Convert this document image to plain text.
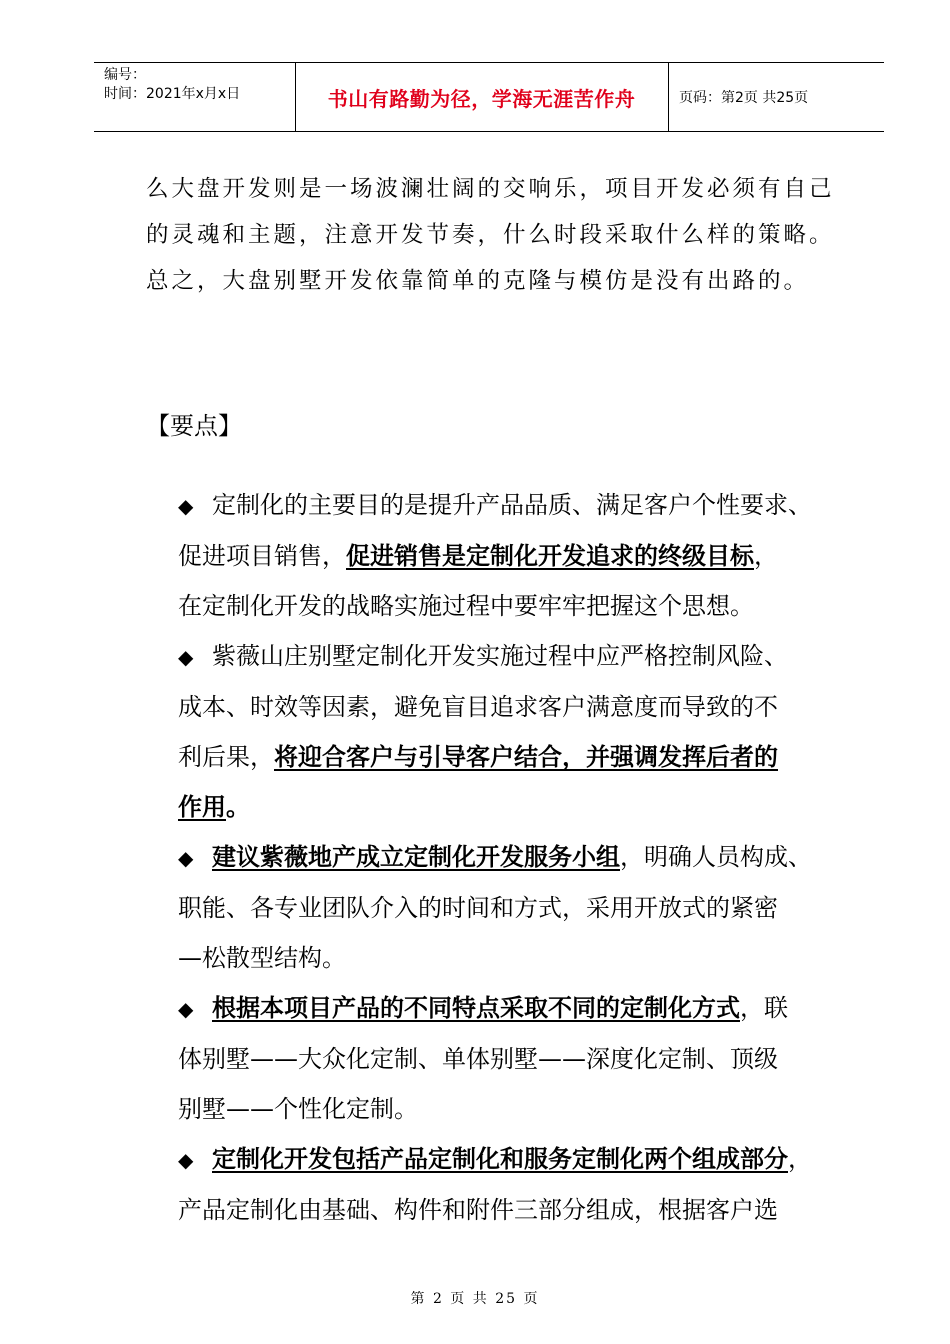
编号：
时间：2021年x月x日	书山有路勤为径，学海无涯苦作舟	页码：第2页 共25页
么大盘开发则是一场波澜壮阔的交响乐，项目开发必须有自己
的灵魂和主题，注意开发节奏，什么时段采取什么样的策略。
总之，大盘别墅开发依靠简单的克隆与模仿是没有出路的。
【要点】
◆ 定制化的主要目的是提升产品品质、满足客户个性要求、
促进项目销售，促进销售是定制化开发追求的终级目标，
在定制化开发的战略实施过程中要牢牢把握这个思想。
◆ 紫薇山庄别墅定制化开发实施过程中应严格控制风险、
成本、时效等因素，避免盲目追求客户满意度而导致的不
利后果，将迎合客户与引导客户结合，并强调发挥后者的
作用。
◆ 建议紫薇地产成立定制化开发服务小组，明确人员构成、
职能、各专业团队介入的时间和方式，采用开放式的紧密
—松散型结构。
◆ 根据本项目产品的不同特点采取不同的定制化方式，联
体别墅——大众化定制、单体别墅——深度化定制、顶级
别墅——个性化定制。
◆ 定制化开发包括产品定制化和服务定制化两个组成部分，
产品定制化由基础、构件和附件三部分组成，根据客户选
第 2 页 共 25 页
